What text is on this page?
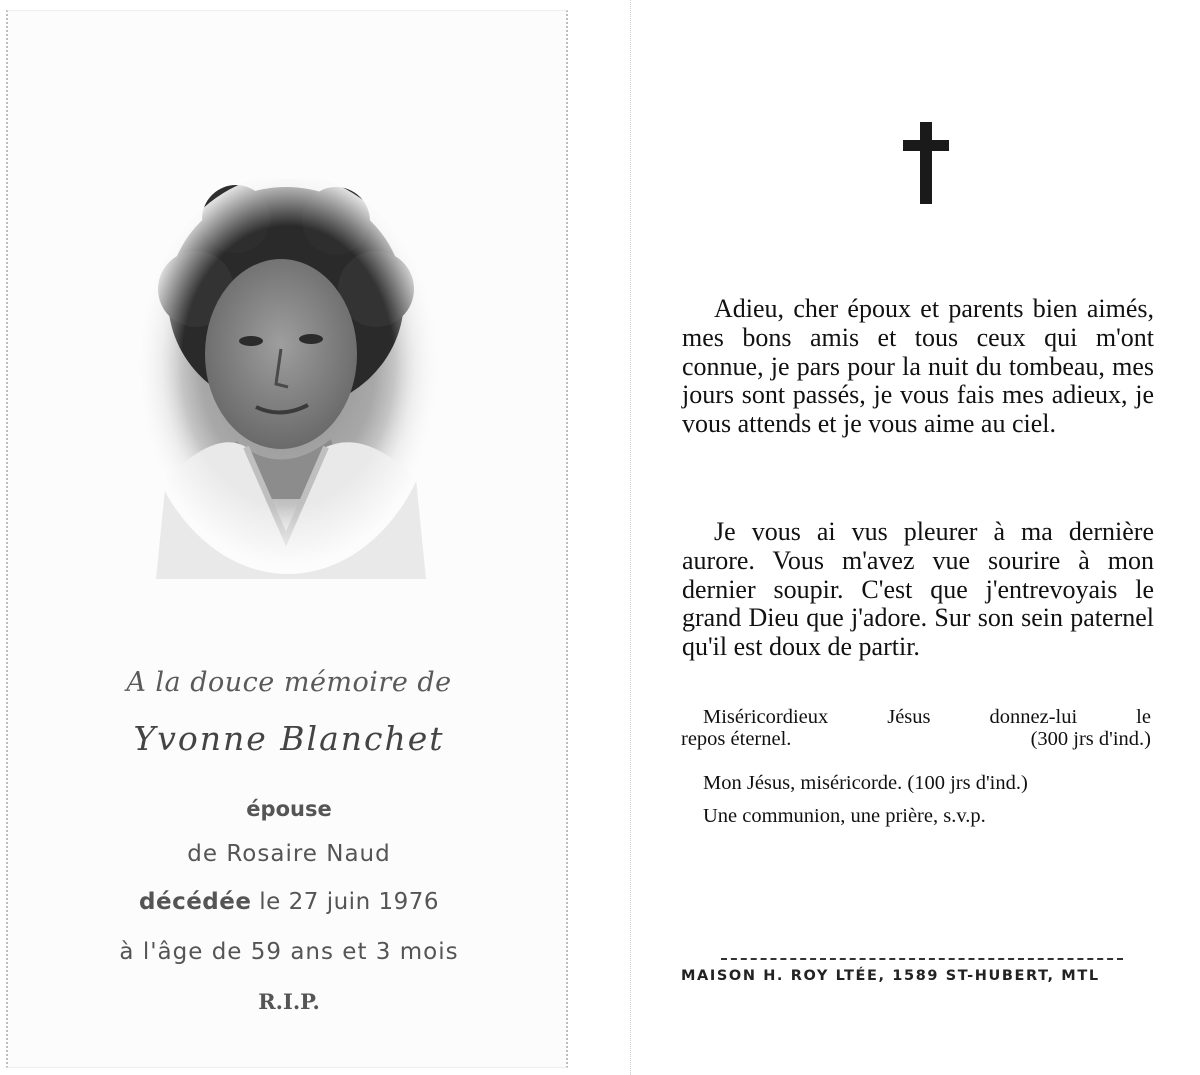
A la douce mémoire de

Yvonne Blanchet

épouse

de Rosaire Naud

décédée le 27 juin 1976

à l'âge de 59 ans et 3 mois

R.I.P.

Adieu, cher époux et parents bien aimés, mes bons amis et tous ceux qui m'ont connue, je pars pour la nuit du tombeau, mes jours sont passés, je vous fais mes adieux, je vous attends et je vous aime au ciel.

Je vous ai vus pleurer à ma dernière aurore. Vous m'avez vue sourire à mon dernier soupir. C'est que j'entrevoyais le grand Dieu que j'adore. Sur son sein paternel qu'il est doux de partir.

Miséricordieux	Jésus	donnez-lui	le
repos éternel.	(300 jrs d'ind.)

Mon Jésus, miséricorde. (100 jrs d'ind.)

Une communion, une prière, s.v.p.

MAISON H. ROY LTÉE, 1589 ST-HUBERT, MTL
